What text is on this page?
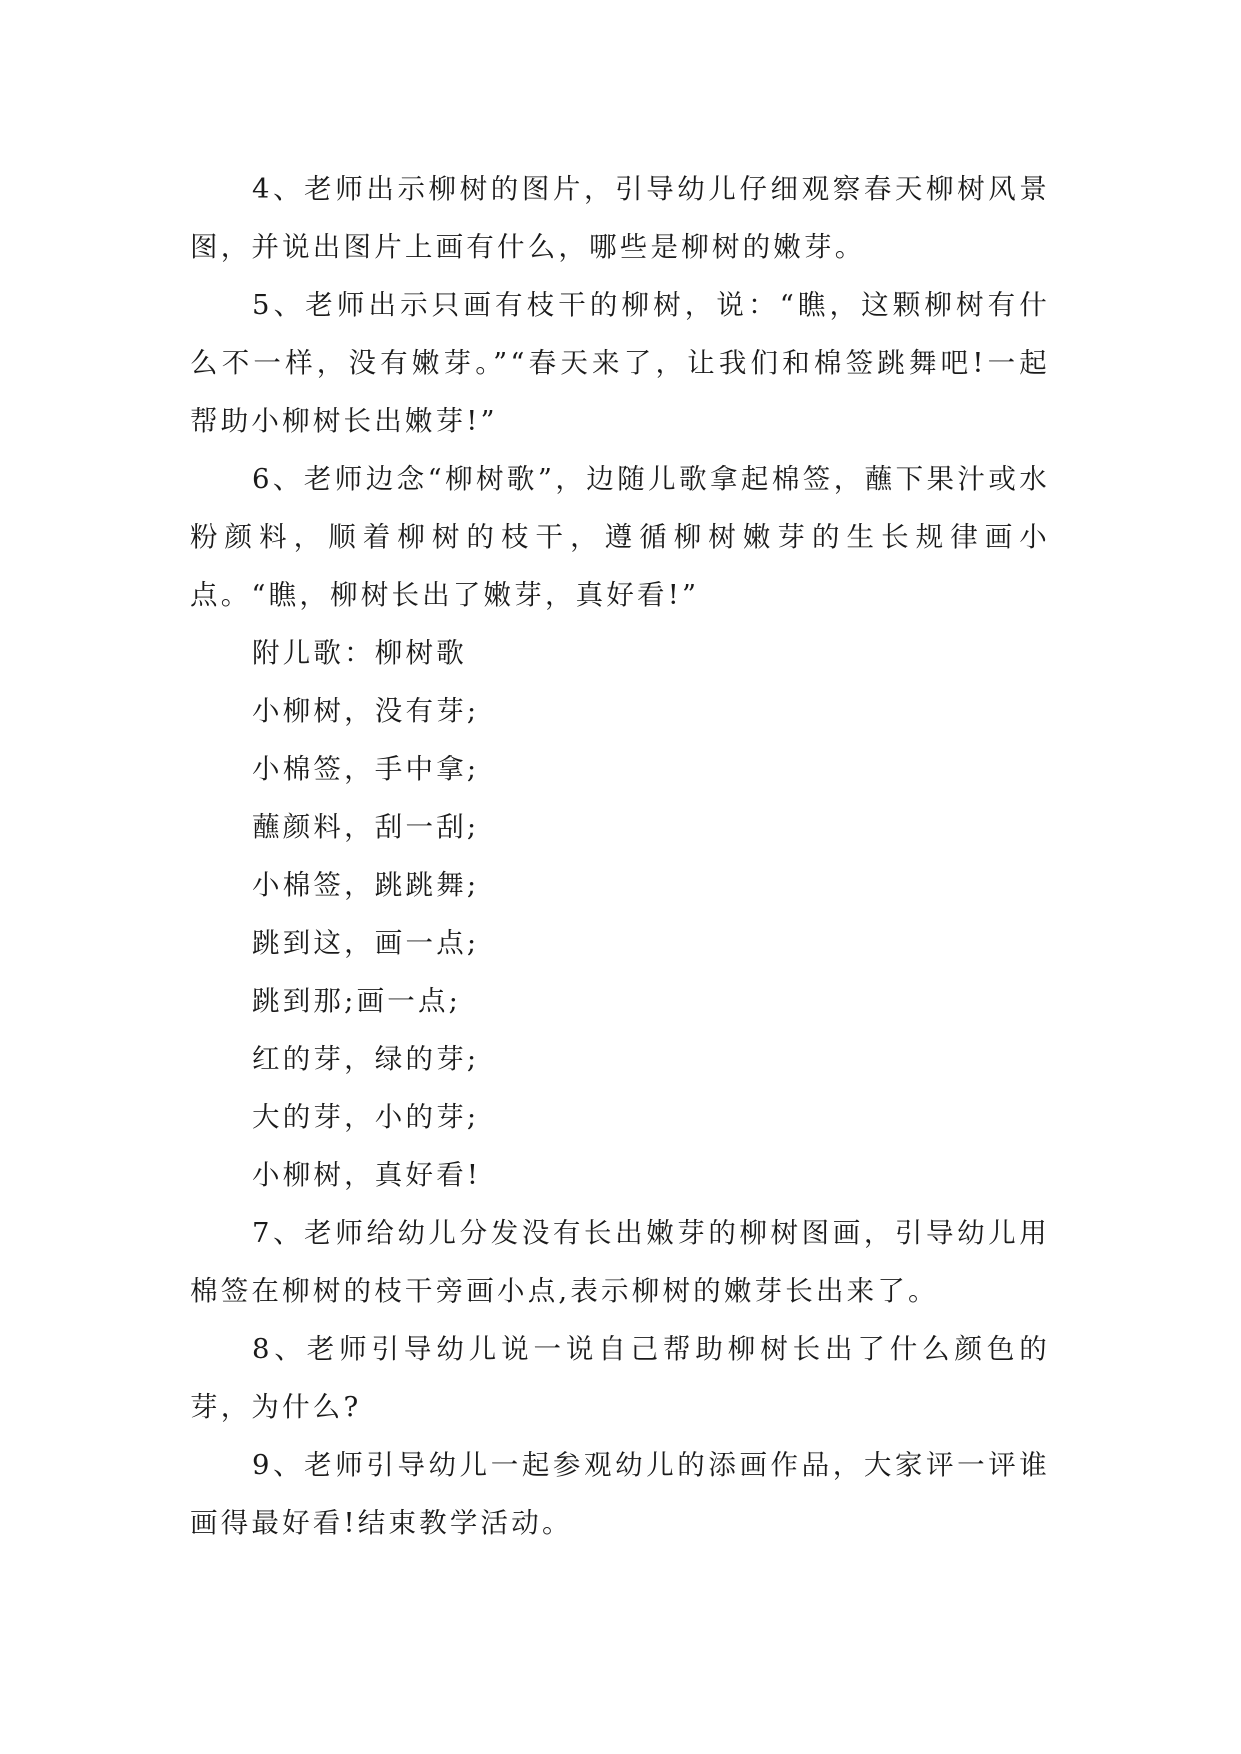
4、老师出示柳树的图片，引导幼儿仔细观察春天柳树风景图，并说出图片上画有什么，哪些是柳树的嫩芽。

5、老师出示只画有枝干的柳树，说：“瞧，这颗柳树有什么不一样，没有嫩芽。”“春天来了，让我们和棉签跳舞吧!一起帮助小柳树长出嫩芽!”

6、老师边念“柳树歌”，边随儿歌拿起棉签，蘸下果汁或水粉颜料，顺着柳树的枝干，遵循柳树嫩芽的生长规律画小点。“瞧，柳树长出了嫩芽，真好看!”

附儿歌：柳树歌

小柳树，没有芽;

小棉签，手中拿;

蘸颜料，刮一刮;

小棉签，跳跳舞;

跳到这，画一点;

跳到那;画一点;

红的芽，绿的芽;

大的芽，小的芽;

小柳树，真好看!

7、老师给幼儿分发没有长出嫩芽的柳树图画，引导幼儿用棉签在柳树的枝干旁画小点,表示柳树的嫩芽长出来了。

8、老师引导幼儿说一说自己帮助柳树长出了什么颜色的芽，为什么?

9、老师引导幼儿一起参观幼儿的添画作品，大家评一评谁画得最好看!结束教学活动。
